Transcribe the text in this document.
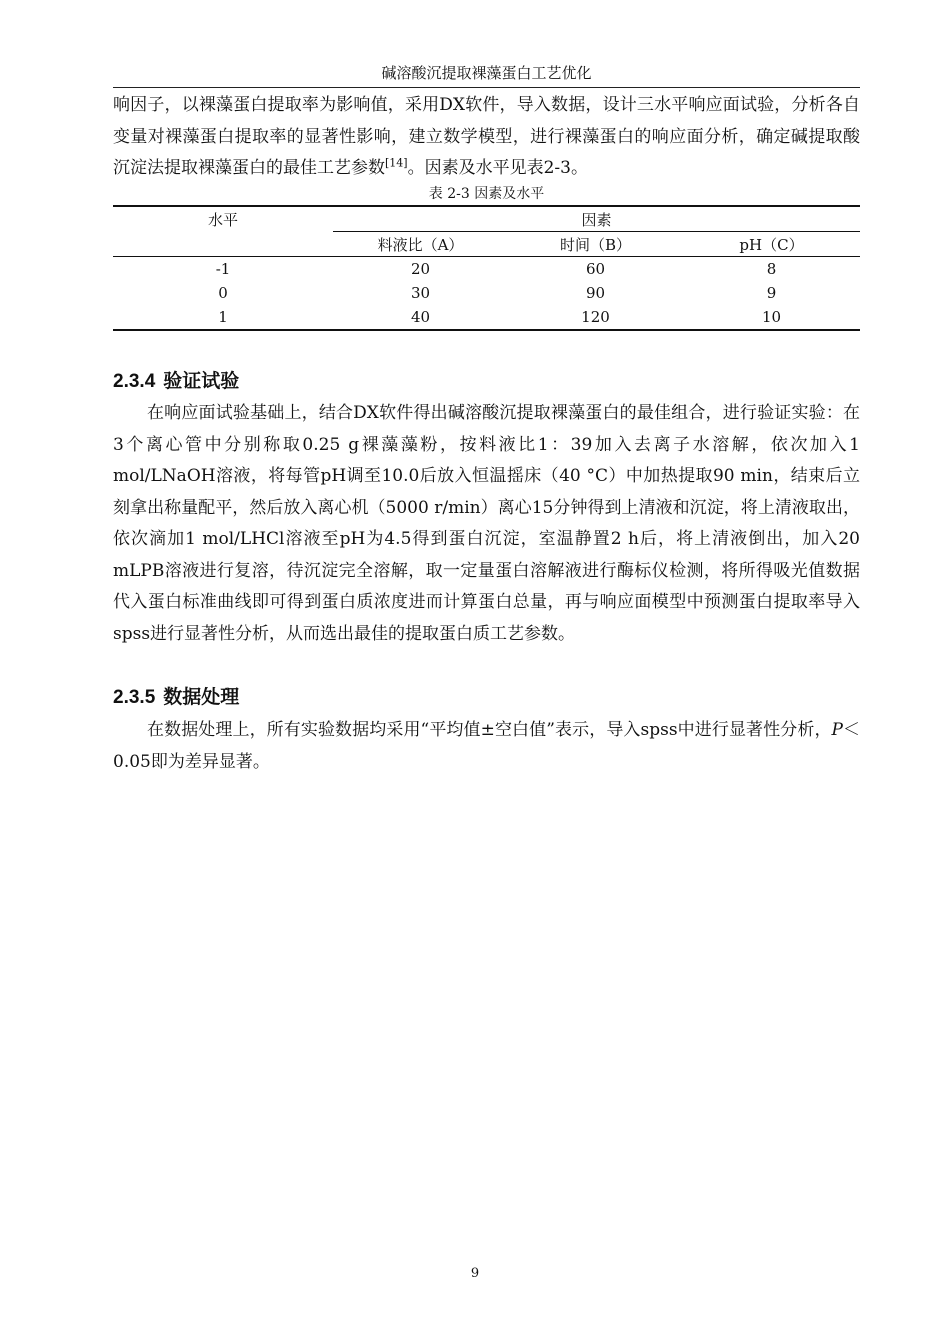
碱溶酸沉提取裸藻蛋白工艺优化

响因子，以裸藻蛋白提取率为影响值，采用DX软件，导入数据，设计三水平响应面试验，分析各自变量对裸藻蛋白提取率的显著性影响，建立数学模型，进行裸藻蛋白的响应面分析，确定碱提取酸沉淀法提取裸藻蛋白的最佳工艺参数[14]。因素及水平见表2-3。

表 2-3 因素及水平
水平	因素		
	料液比（A）	时间（B）	pH（C）
-1	20	60	8
0	30	90	9
1	40	120	10
2.3.4 验证试验

在响应面试验基础上，结合DX软件得出碱溶酸沉提取裸藻蛋白的最佳组合，进行验证实验：在3个离心管中分别称取0.25 g裸藻藻粉，按料液比1：39加入去离子水溶解，依次加入1 mol/LNaOH溶液，将每管pH调至10.0后放入恒温摇床（40 °C）中加热提取90 min，结束后立刻拿出称量配平，然后放入离心机（5000 r/min）离心15分钟得到上清液和沉淀，将上清液取出，依次滴加1 mol/LHCl溶液至pH为4.5得到蛋白沉淀，室温静置2 h后，将上清液倒出，加入20 mLPB溶液进行复溶，待沉淀完全溶解，取一定量蛋白溶解液进行酶标仪检测，将所得吸光值数据代入蛋白标准曲线即可得到蛋白质浓度进而计算蛋白总量，再与响应面模型中预测蛋白提取率导入spss进行显著性分析，从而选出最佳的提取蛋白质工艺参数。

2.3.5 数据处理

在数据处理上，所有实验数据均采用“平均值±空白值”表示，导入spss中进行显著性分析，P＜0.05即为差异显著。

9
